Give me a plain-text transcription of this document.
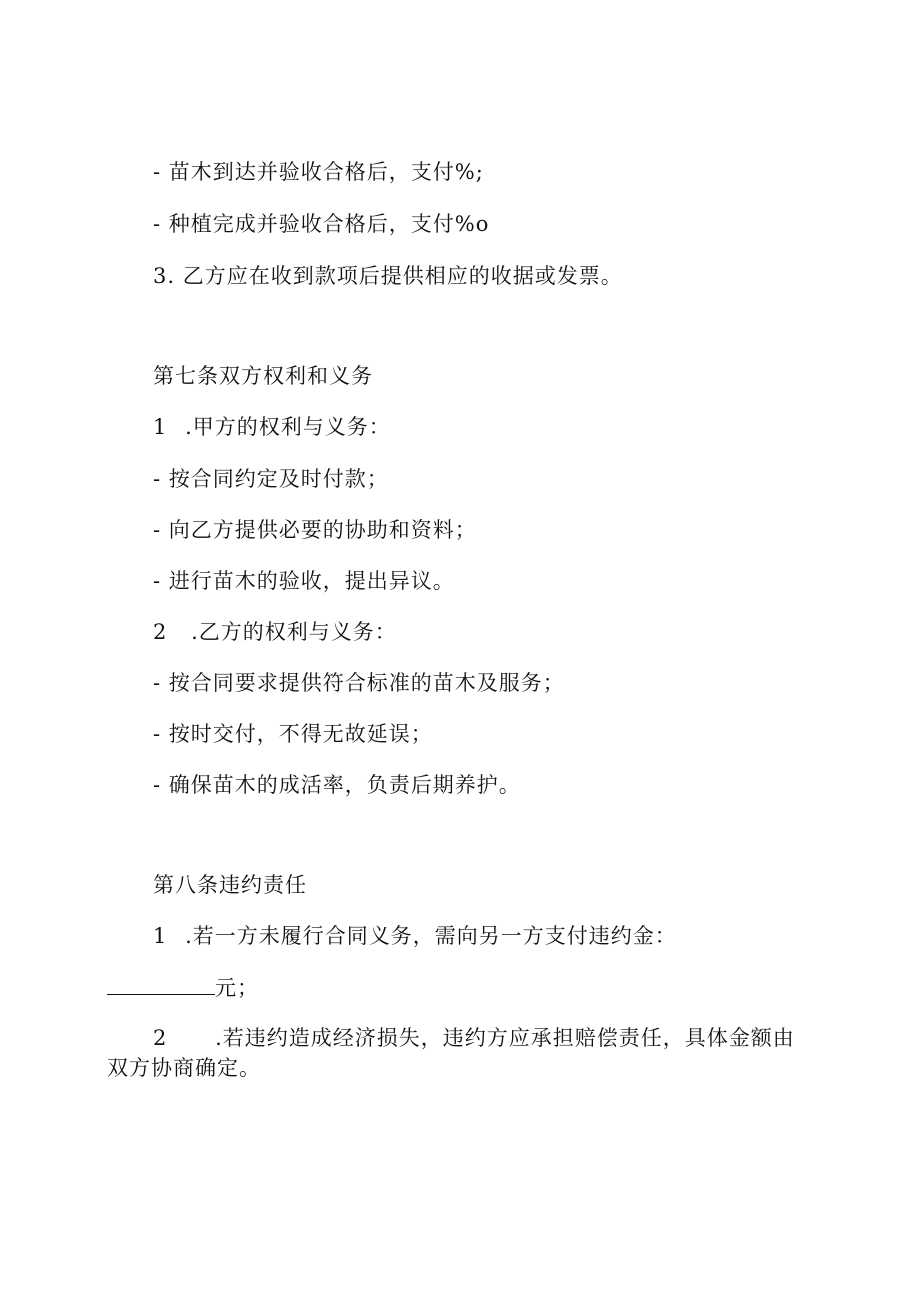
- 苗木到达并验收合格后，支付%;
- 种植完成并验收合格后，支付%o
3. 乙方应在收到款项后提供相应的收据或发票。
第七条双方权利和义务
1 .甲方的权利与义务：
- 按合同约定及时付款；
- 向乙方提供必要的协助和资料；
- 进行苗木的验收，提出异议。
2 .乙方的权利与义务：
- 按合同要求提供符合标准的苗木及服务；
- 按时交付，不得无故延误；
- 确保苗木的成活率，负责后期养护。
第八条违约责任
1 .若一方未履行合同义务，需向另一方支付违约金：
元；
2 .若违约造成经济损失，违约方应承担赔偿责任，具体金额由
双方协商确定。
